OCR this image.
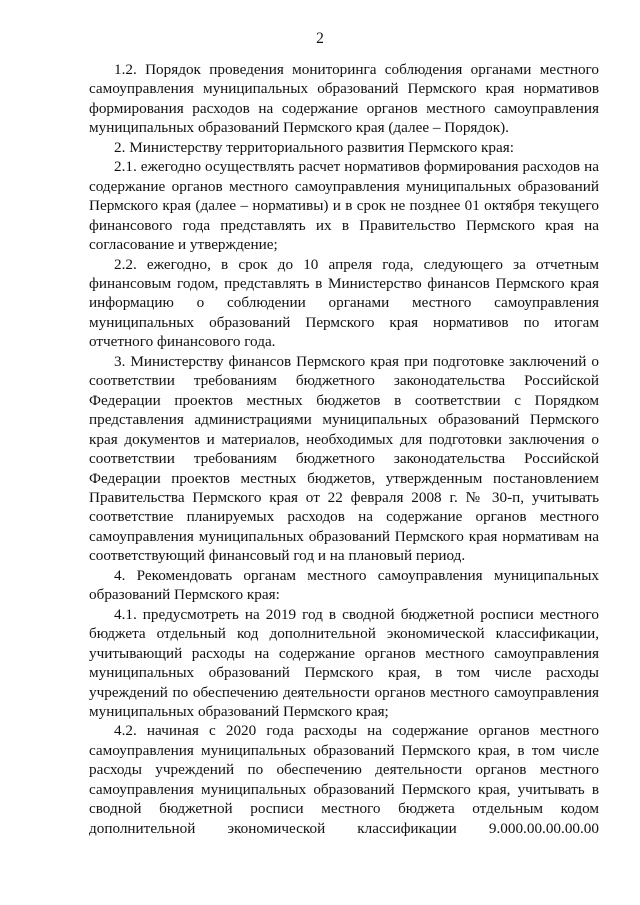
2

1.2. Порядок проведения мониторинга соблюдения органами местного самоуправления муниципальных образований Пермского края нормативов формирования расходов на содержание органов местного самоуправления муниципальных образований Пермского края (далее – Порядок).

2. Министерству территориального развития Пермского края:

2.1. ежегодно осуществлять расчет нормативов формирования расходов на содержание органов местного самоуправления муниципальных образований Пермского края (далее – нормативы) и в срок не позднее 01 октября текущего финансового года представлять их в Правительство Пермского края на согласование и утверждение;

2.2. ежегодно, в срок до 10 апреля года, следующего за отчетным финансовым годом, представлять в Министерство финансов Пермского края информацию о соблюдении органами местного самоуправления муниципальных образований Пермского края нормативов по итогам отчетного финансового года.

3. Министерству финансов Пермского края при подготовке заключений о соответствии требованиям бюджетного законодательства Российской Федерации проектов местных бюджетов в соответствии с Порядком представления администрациями муниципальных образований Пермского края документов и материалов, необходимых для подготовки заключения о соответствии требованиям бюджетного законодательства Российской Федерации проектов местных бюджетов, утвержденным постановлением Правительства Пермского края от 22 февраля 2008 г. № 30-п, учитывать соответствие планируемых расходов на содержание органов местного самоуправления муниципальных образований Пермского края нормативам на соответствующий финансовый год и на плановый период.

4. Рекомендовать органам местного самоуправления муниципальных образований Пермского края:

4.1. предусмотреть на 2019 год в сводной бюджетной росписи местного бюджета отдельный код дополнительной экономической классификации, учитывающий расходы на содержание органов местного самоуправления муниципальных образований Пермского края, в том числе расходы учреждений по обеспечению деятельности органов местного самоуправления муниципальных образований Пермского края;

4.2. начиная с 2020 года расходы на содержание органов местного самоуправления муниципальных образований Пермского края, в том числе расходы учреждений по обеспечению деятельности органов местного самоуправления муниципальных образований Пермского края, учитывать в сводной бюджетной росписи местного бюджета отдельным кодом дополнительной экономической классификации 9.000.00.00.00.00
